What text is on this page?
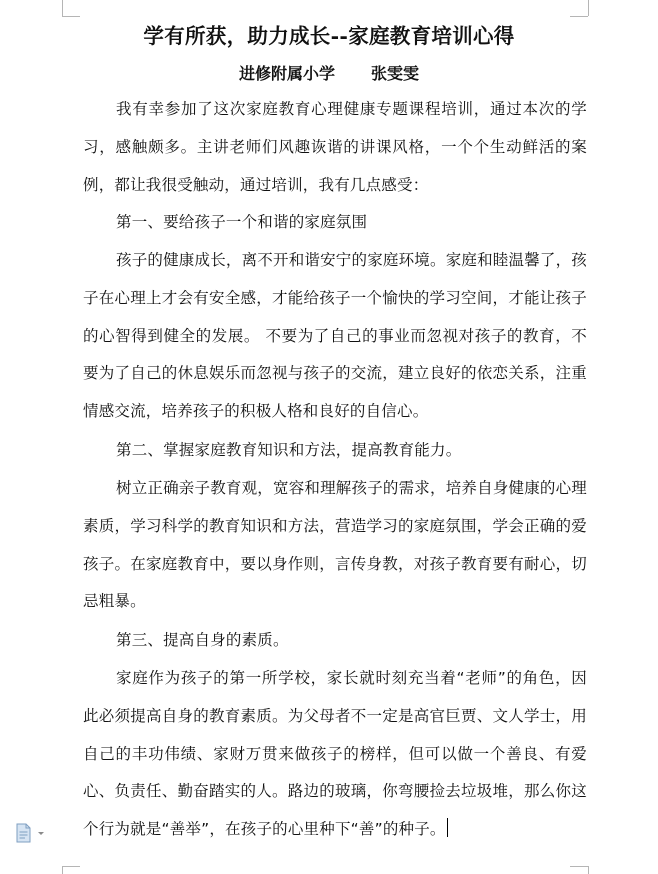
学有所获，助力成长--家庭教育培训心得
进修附属小学 张雯雯

我有幸参加了这次家庭教育心理健康专题课程培训，通过本次的学习，感触颇多。主讲老师们风趣诙谐的讲课风格，一个个生动鲜活的案例，都让我很受触动，通过培训，我有几点感受：

第一、要给孩子一个和谐的家庭氛围

孩子的健康成长，离不开和谐安宁的家庭环境。家庭和睦温馨了，孩子在心理上才会有安全感，才能给孩子一个愉快的学习空间，才能让孩子的心智得到健全的发展。 不要为了自己的事业而忽视对孩子的教育，不要为了自己的休息娱乐而忽视与孩子的交流，建立良好的依恋关系，注重情感交流，培养孩子的积极人格和良好的自信心。

第二、掌握家庭教育知识和方法，提高教育能力。

树立正确亲子教育观，宽容和理解孩子的需求，培养自身健康的心理素质，学习科学的教育知识和方法，营造学习的家庭氛围，学会正确的爱孩子。在家庭教育中，要以身作则，言传身教，对孩子教育要有耐心，切忌粗暴。

第三、提高自身的素质。

家庭作为孩子的第一所学校，家长就时刻充当着“老师”的角色，因此必须提高自身的教育素质。为父母者不一定是高官巨贾、文人学士，用自己的丰功伟绩、家财万贯来做孩子的榜样，但可以做一个善良、有爱心、负责任、勤奋踏实的人。路边的玻璃，你弯腰捡去垃圾堆，那么你这个行为就是“善举”，在孩子的心里种下“善”的种子。
